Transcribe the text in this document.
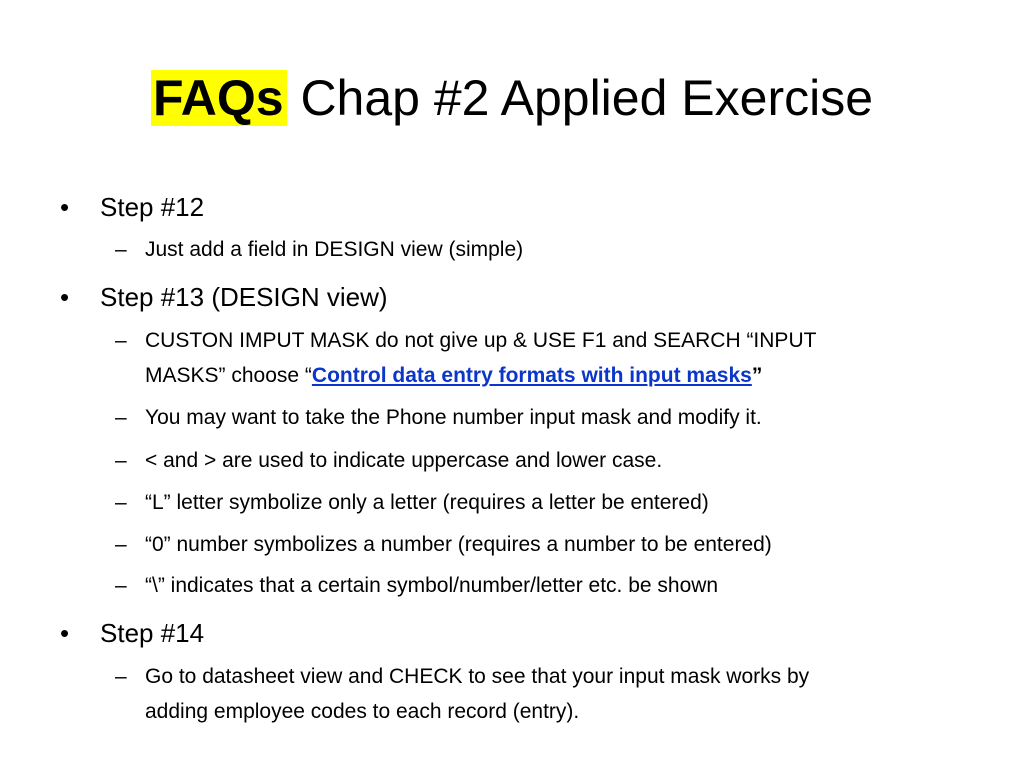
FAQs Chap #2 Applied Exercise
• Step #12
– Just add a field in DESIGN view (simple)
• Step #13 (DESIGN view)
– CUSTON IMPUT MASK do not give up & USE F1 and SEARCH “INPUT
MASKS” choose “Control data entry formats with input masks”
– You may want to take the Phone number input mask and modify it.
– < and > are used to indicate uppercase and lower case.
– “L” letter symbolize only a letter (requires a letter be entered)
– “0” number symbolizes a number (requires a number to be entered)
– “\” indicates that a certain symbol/number/letter etc. be shown
• Step #14
– Go to datasheet view and CHECK to see that your input mask works by
adding employee codes to each record (entry).
